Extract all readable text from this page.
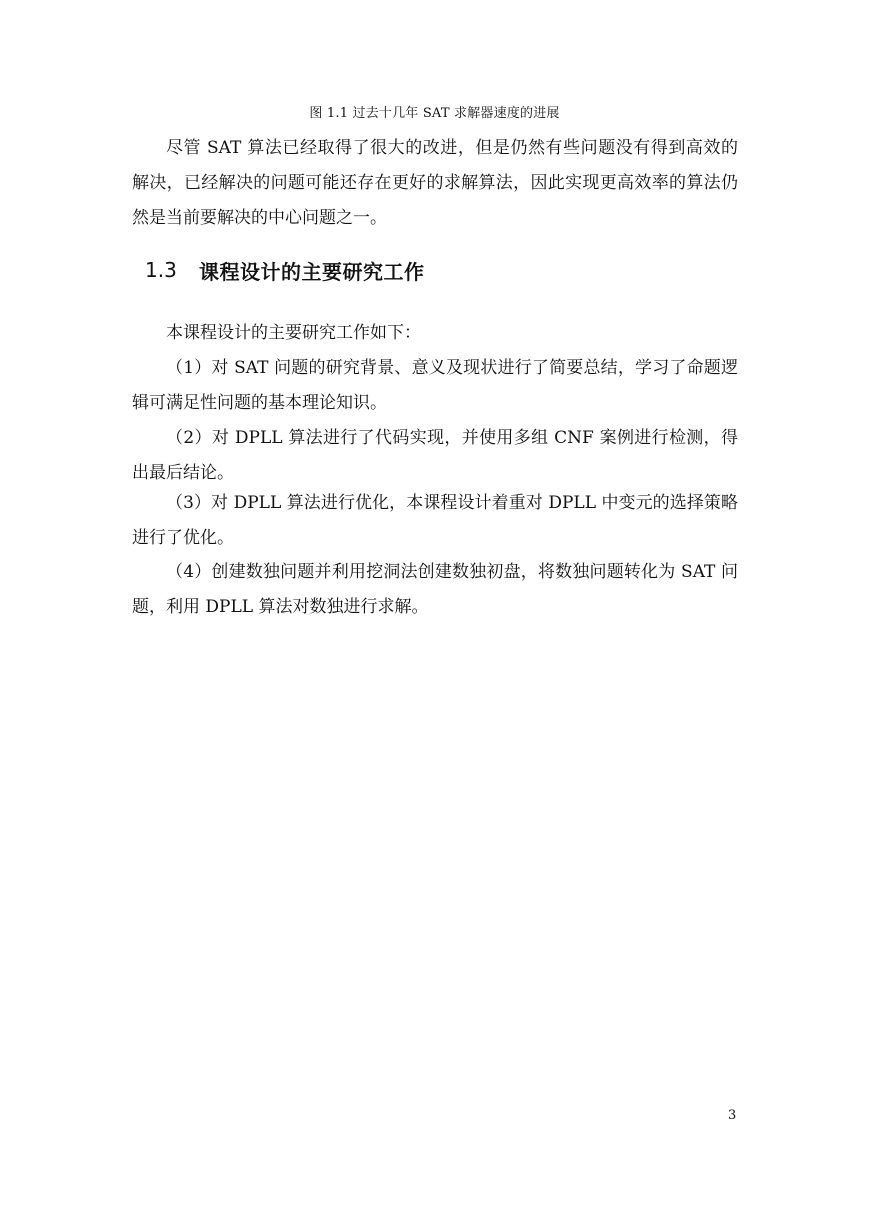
图 1.1 过去十几年 SAT 求解器速度的进展

尽管 SAT 算法已经取得了很大的改进，但是仍然有些问题没有得到高效的解决，已经解决的问题可能还存在更好的求解算法，因此实现更高效率的算法仍然是当前要解决的中心问题之一。

1.3	课程设计的主要研究工作

本课程设计的主要研究工作如下：

（1）对 SAT 问题的研究背景、意义及现状进行了简要总结，学习了命题逻辑可满足性问题的基本理论知识。

（2）对 DPLL 算法进行了代码实现，并使用多组 CNF 案例进行检测，得出最后结论。

（3）对 DPLL 算法进行优化，本课程设计着重对 DPLL 中变元的选择策略进行了优化。

（4）创建数独问题并利用挖洞法创建数独初盘，将数独问题转化为 SAT 问题，利用 DPLL 算法对数独进行求解。

3
